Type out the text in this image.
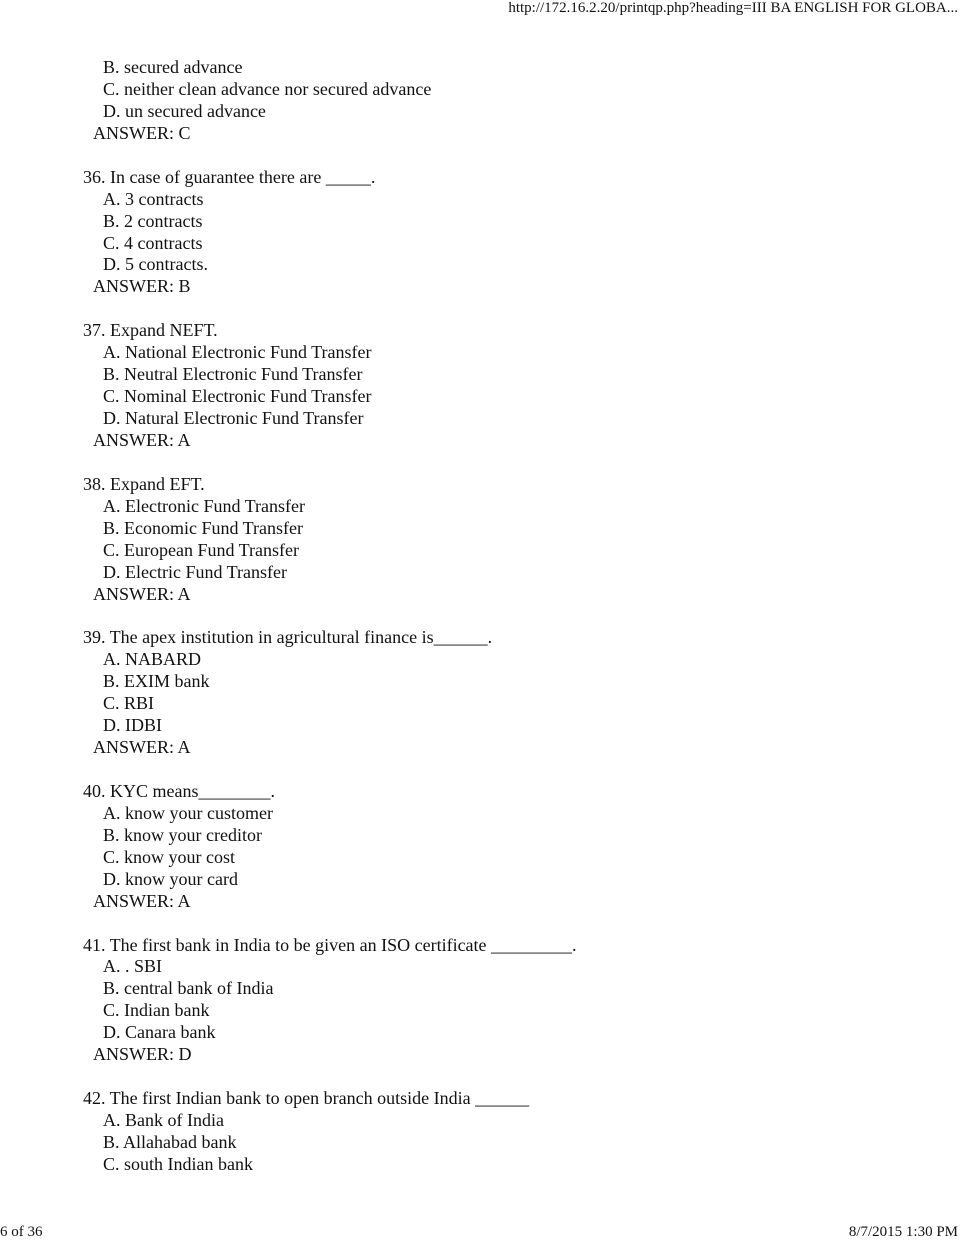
http://172.16.2.20/printqp.php?heading=III BA ENGLISH FOR GLOBA...
B. secured advance
C. neither clean advance nor secured advance
D. un secured advance
ANSWER: C
36. In case of guarantee there are _____.
A. 3 contracts
B. 2 contracts
C. 4 contracts
D. 5 contracts.
ANSWER: B
37. Expand NEFT.
A. National Electronic Fund Transfer
B. Neutral Electronic Fund Transfer
C. Nominal Electronic Fund Transfer
D. Natural Electronic Fund Transfer
ANSWER: A
38. Expand EFT.
A. Electronic Fund Transfer
B. Economic Fund Transfer
C. European Fund Transfer
D. Electric Fund Transfer
ANSWER: A
39. The apex institution in agricultural finance is______.
A. NABARD
B. EXIM bank
C. RBI
D. IDBI
ANSWER: A
40. KYC means________.
A. know your customer
B. know your creditor
C. know your cost
D. know your card
ANSWER: A
41. The first bank in India to be given an ISO certificate _________.
A. . SBI
B. central bank of India
C. Indian bank
D. Canara bank
ANSWER: D
42. The first Indian bank to open branch outside India ______
A. Bank of India
B. Allahabad bank
C. south Indian bank
6 of 36	8/7/2015 1:30 PM
